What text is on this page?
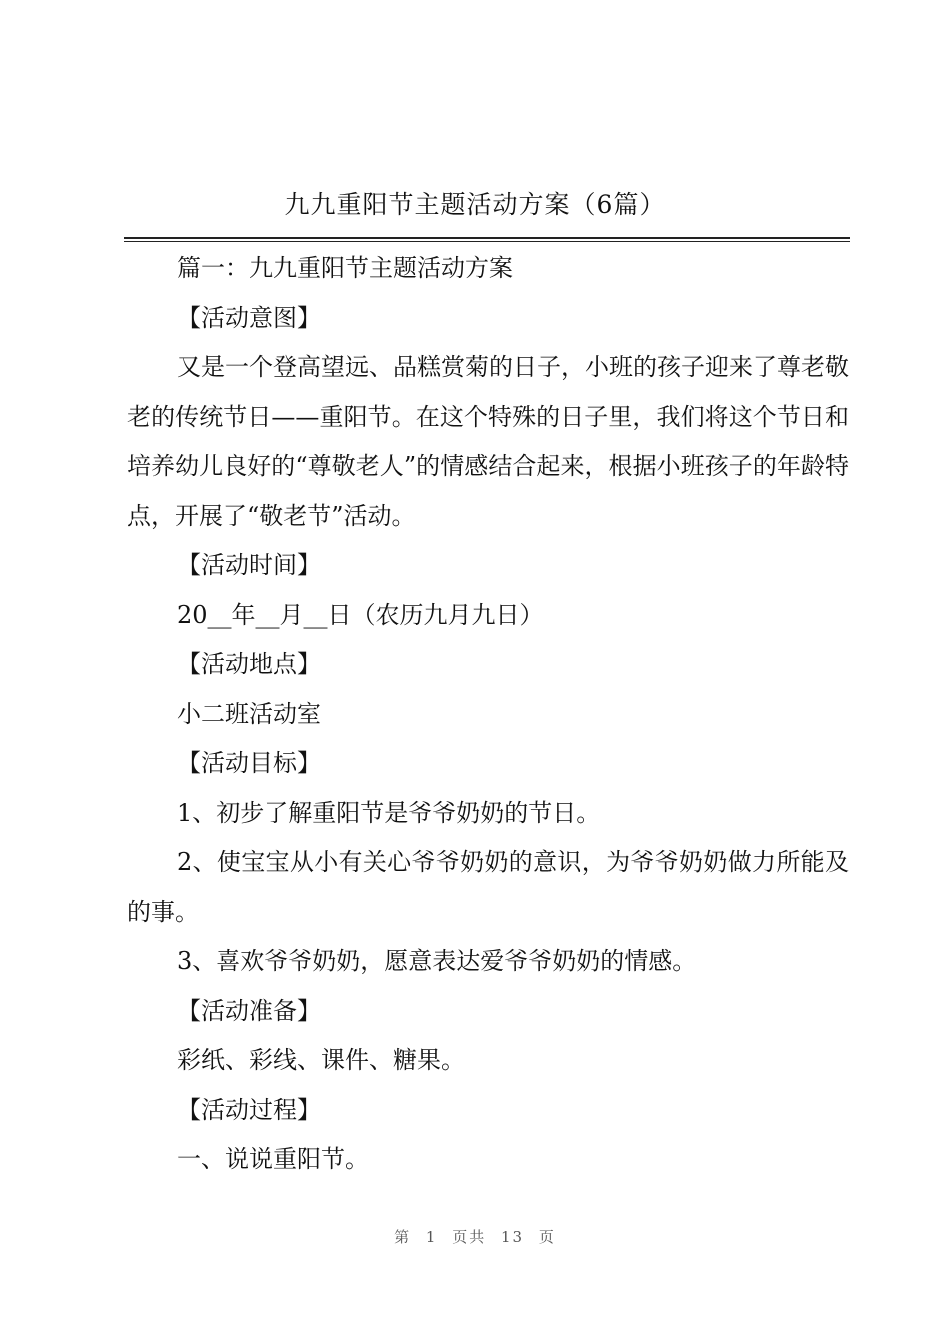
九九重阳节主题活动方案（6篇）

篇一：九九重阳节主题活动方案

【活动意图】

又是一个登高望远、品糕赏菊的日子，小班的孩子迎来了尊老敬老的传统节日——重阳节。在这个特殊的日子里，我们将这个节日和培养幼儿良好的“尊敬老人”的情感结合起来，根据小班孩子的年龄特点，开展了“敬老节”活动。

【活动时间】

20__年__月__日（农历九月九日）

【活动地点】

小二班活动室

【活动目标】

1、初步了解重阳节是爷爷奶奶的节日。

2、使宝宝从小有关心爷爷奶奶的意识，为爷爷奶奶做力所能及的事。

3、喜欢爷爷奶奶，愿意表达爱爷爷奶奶的情感。

【活动准备】

彩纸、彩线、课件、糖果。

【活动过程】

一、说说重阳节。

第 1 页共 13 页
